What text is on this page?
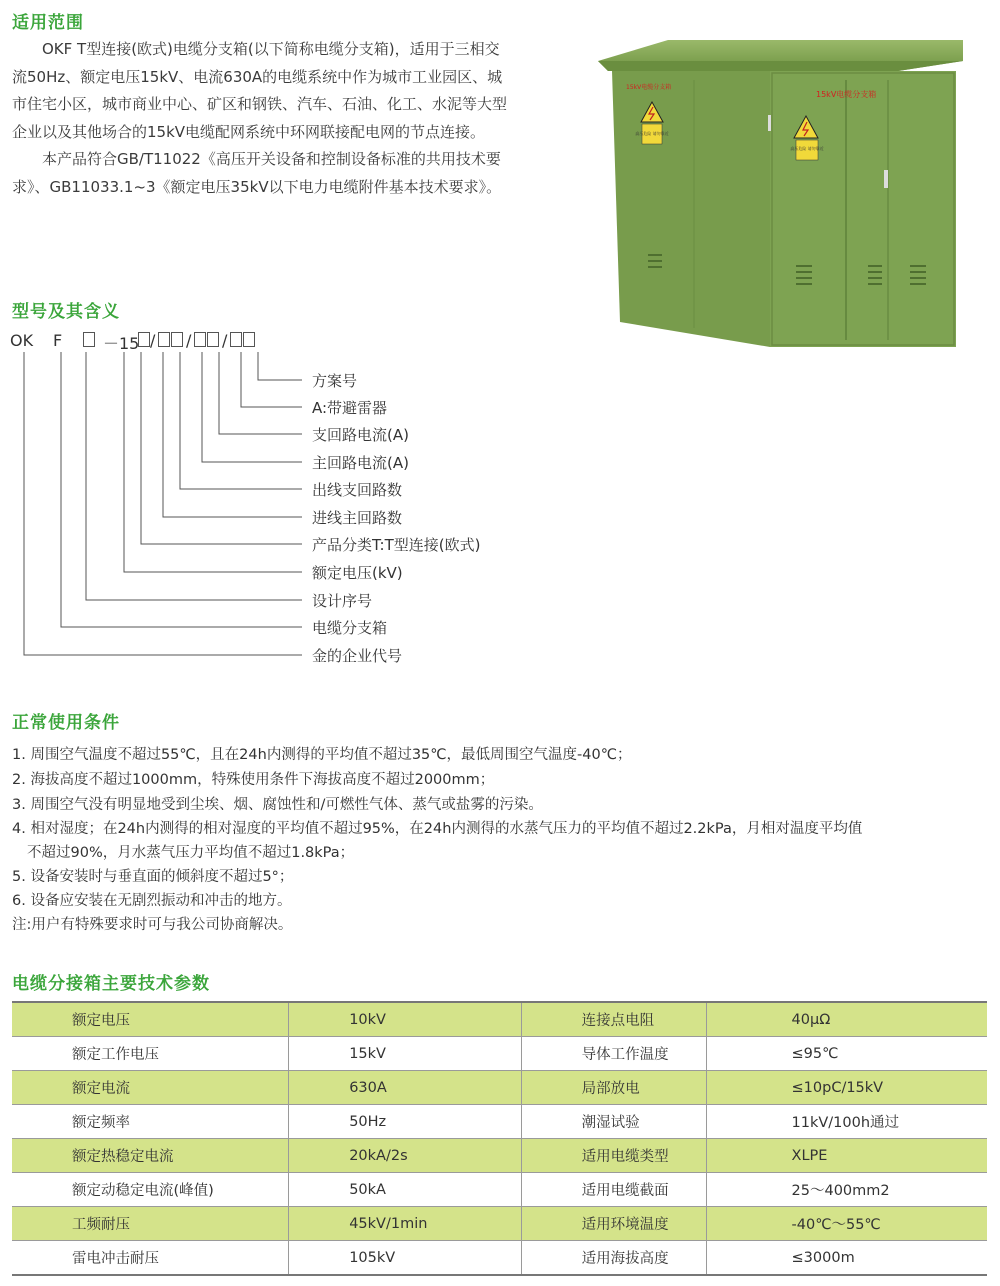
适用范围

OKF T型连接(欧式)电缆分支箱(以下简称电缆分支箱)，适用于三相交流50Hz、额定电压15kV、电流630A的电缆系统中作为城市工业园区、城市住宅小区，城市商业中心、矿区和钢铁、汽车、石油、化工、水泥等大型企业以及其他场合的15kV电缆配网系统中环网联接配电网的节点连接。

本产品符合GB/T11022《高压开关设备和控制设备标准的共用技术要求》、GB11033.1~3《额定电压35kV以下电力电缆附件基本技术要求》。

15kV电缆分支箱
15kV电缆分支箱
高压危险 请勿靠近
高压危险 请勿靠近
型号及其含义
OK F	－15 / / /
方案号
A:带避雷器
支回路电流(A)
主回路电流(A)
出线支回路数
进线主回路数
产品分类T:T型连接(欧式)
额定电压(kV)
设计序号
电缆分支箱
金的企业代号
正常使用条件
1. 周围空气温度不超过55℃，且在24h内测得的平均值不超过35℃，最低周围空气温度-40℃；
2. 海拔高度不超过1000mm，特殊使用条件下海拔高度不超过2000mm；
3. 周围空气没有明显地受到尘埃、烟、腐蚀性和/可燃性气体、蒸气或盐雾的污染。
4. 相对湿度；在24h内测得的相对湿度的平均值不超过95%，在24h内测得的水蒸气压力的平均值不超过2.2kPa，月相对温度平均值
不超过90%，月水蒸气压力平均值不超过1.8kPa；
5. 设备安装时与垂直面的倾斜度不超过5°；
6. 设备应安装在无剧烈振动和冲击的地方。
注:用户有特殊要求时可与我公司协商解决。
电缆分接箱主要技术参数
额定电压	10kV	连接点电阻	40μΩ
额定工作电压	15kV	导体工作温度	≤95℃
额定电流	630A	局部放电	≤10pC/15kV
额定频率	50Hz	潮湿试验	11kV/100h通过
额定热稳定电流	20kA/2s	适用电缆类型	XLPE
额定动稳定电流(峰值)	50kA	适用电缆截面	25～400mm2
工频耐压	45kV/1min	适用环境温度	-40℃～55℃
雷电冲击耐压	105kV	适用海拔高度	≤3000m
